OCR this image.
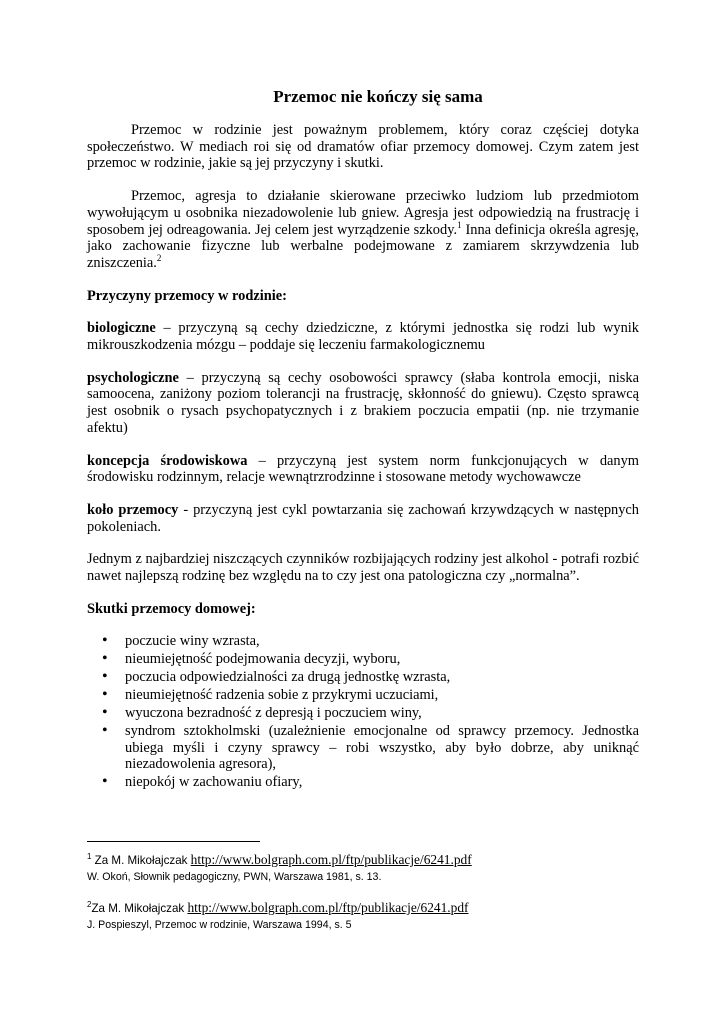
Przemoc nie kończy się sama

Przemoc w rodzinie jest poważnym problemem, który coraz częściej dotyka społeczeństwo. W mediach roi się od dramatów ofiar przemocy domowej. Czym zatem jest przemoc w rodzinie, jakie są jej przyczyny i skutki.

Przemoc, agresja to działanie skierowane przeciwko ludziom lub przedmiotom wywołującym u osobnika niezadowolenie lub gniew. Agresja jest odpowiedzią na frustrację i sposobem jej odreagowania. Jej celem jest wyrządzenie szkody.$^1$ Inna definicja określa agresję, jako zachowanie fizyczne lub werbalne podejmowane z zamiarem skrzywdzenia lub zniszczenia.$^2$

Przyczyny przemocy w rodzinie:

biologiczne – przyczyną są cechy dziedziczne, z którymi jednostka się rodzi lub wynik mikrouszkodzenia mózgu – poddaje się leczeniu farmakologicznemu

psychologiczne – przyczyną są cechy osobowości sprawcy (słaba kontrola emocji, niska samoocena, zaniżony poziom tolerancji na frustrację, skłonność do gniewu). Często sprawcą jest osobnik o rysach psychopatycznych i z brakiem poczucia empatii (np. nie trzymanie afektu)

koncepcja środowiskowa – przyczyną jest system norm funkcjonujących w danym środowisku rodzinnym, relacje wewnątrzrodzinne i stosowane metody wychowawcze

koło przemocy - przyczyną jest cykl powtarzania się zachowań krzywdzących w następnych pokoleniach.

Jednym z najbardziej niszczących czynników rozbijających rodziny jest alkohol - potrafi rozbić nawet najlepszą rodzinę bez względu na to czy jest ona patologiczna czy „normalna”.

Skutki przemocy domowej:
• poczucie winy wzrasta,
• nieumiejętność podejmowania decyzji, wyboru,
• poczucia odpowiedzialności za drugą jednostkę wzrasta,
• nieumiejętność radzenia sobie z przykrymi uczuciami,
• wyuczona bezradność z depresją i poczuciem winy,
• syndrom sztokholmski (uzależnienie emocjonalne od sprawcy przemocy. Jednostka ubiega myśli i czyny sprawcy – robi wszystko, aby było dobrze, aby uniknąć niezadowolenia agresora),
• niepokój w zachowaniu ofiary,
$^1$ Za M. Mikołajczak http://www.bolgraph.com.pl/ftp/publikacje/6241.pdf
W. Okoń, Słownik pedagogiczny, PWN, Warszawa 1981, s. 13.
$^2$Za M. Mikołajczak http://www.bolgraph.com.pl/ftp/publikacje/6241.pdf
J. Pospieszyl, Przemoc w rodzinie, Warszawa 1994, s. 5
